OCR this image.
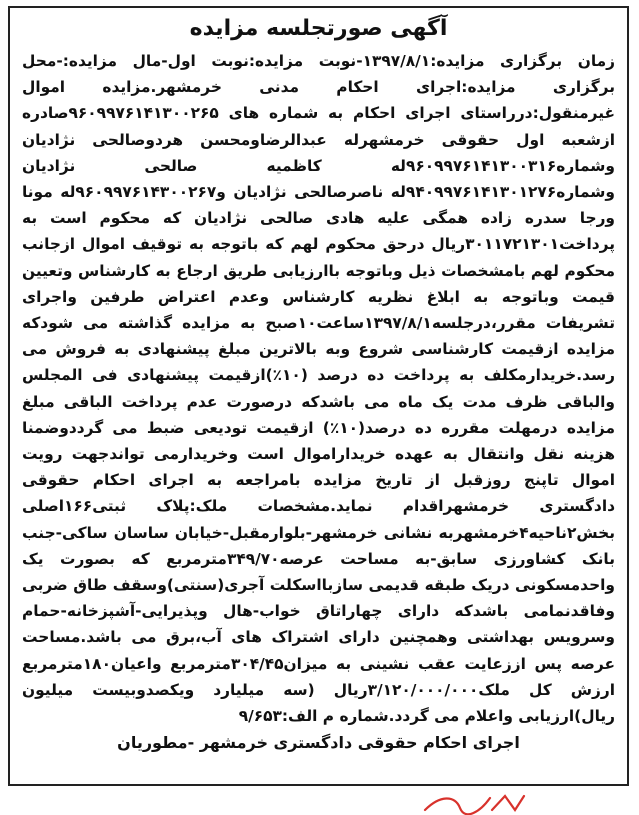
آگهی صورتجلسه مزایده

زمان برگزاری مزایده:۱۳۹۷/۸/۱-نوبت مزایده:نوبت اول-مال مزایده:-محل برگزاری مزایده:اجرای احکام مدنی خرمشهر.مزایده اموال غیرمنقول:درراستای اجرای احکام به شماره های ۹۶۰۹۹۷۶۱۴۱۳۰۰۲۶۵صادره ازشعبه اول حقوقی خرمشهرله عبدالرضاومحسن هردوصالحی نژادیان وشماره۹۶۰۹۹۷۶۱۴۱۳۰۰۳۱۶له کاظمیه صالحی نژادیان وشماره۹۴۰۹۹۷۶۱۴۱۳۰۱۲۷۶له ناصرصالحی نژادیان و۹۶۰۹۹۷۶۱۴۳۰۰۲۶۷له مونا ورجا سدره زاده همگی علیه هادی صالحی نژادیان که محکوم است به پرداخت۳۰۱۱۷۲۱۳۰۱ریال درحق محکوم لهم که باتوجه به توقیف اموال ازجانب محکوم لهم بامشخصات ذیل وباتوجه باارزیابی طریق ارجاع به کارشناس وتعیین قیمت وباتوجه به ابلاغ نظریه کارشناس وعدم اعتراض طرفین واجرای تشریفات مقرر،درجلسه۱۳۹۷/۸/۱ساعت۱۰صبح به مزایده گذاشته می شودکه مزایده ازقیمت کارشناسی شروع وبه بالاترین مبلغ پیشنهادی به فروش می رسد.خریدارمکلف به پرداخت ده درصد (۱۰٪)ازقیمت پیشنهادی فی المجلس والباقی ظرف مدت یک ماه می باشدکه درصورت عدم پرداخت الباقی مبلغ مزایده درمهلت مقرره ده درصد(۱۰٪) ازقیمت تودیعی ضبط می گرددوضمنا هزینه نقل وانتقال به عهده خریداراموال است وخریدارمی تواندجهت رویت اموال تاپنج روزقبل از تاریخ مزایده بامراجعه به اجرای احکام حقوقی دادگستری خرمشهراقدام نماید.مشخصات ملک:پلاک ثبتی۱۶۶اصلی بخش۲ناحیه۴خرمشهربه نشانی خرمشهر-بلوارمقبل-خیابان ساسان ساکی-جنب بانک کشاورزی سابق-به مساحت عرصه۳۴۹/۷۰مترمربع که بصورت یک واحدمسکونی دریک طبقه قدیمی سازبااسکلت آجری(سنتی)وسقف طاق ضربی وفاقدنمامی باشدکه دارای چهاراتاق خواب-هال وپذیرایی-آشپزخانه-حمام وسرویس بهداشتی وهمچنین دارای اشتراک های آب،برق می باشد.مساحت عرصه پس اززعایت عقب نشینی به میزان۳۰۴/۴۵مترمربع واعیان۱۸۰مترمربع ارزش کل ملک۳/۱۲۰/۰۰۰/۰۰۰ریال (سه میلیارد ویکصدوبیست میلیون ریال)ارزیابی واعلام می گردد.شماره م الف:۹/۶۵۳

اجرای احکام حقوقی دادگستری خرمشهر -مطوریان
